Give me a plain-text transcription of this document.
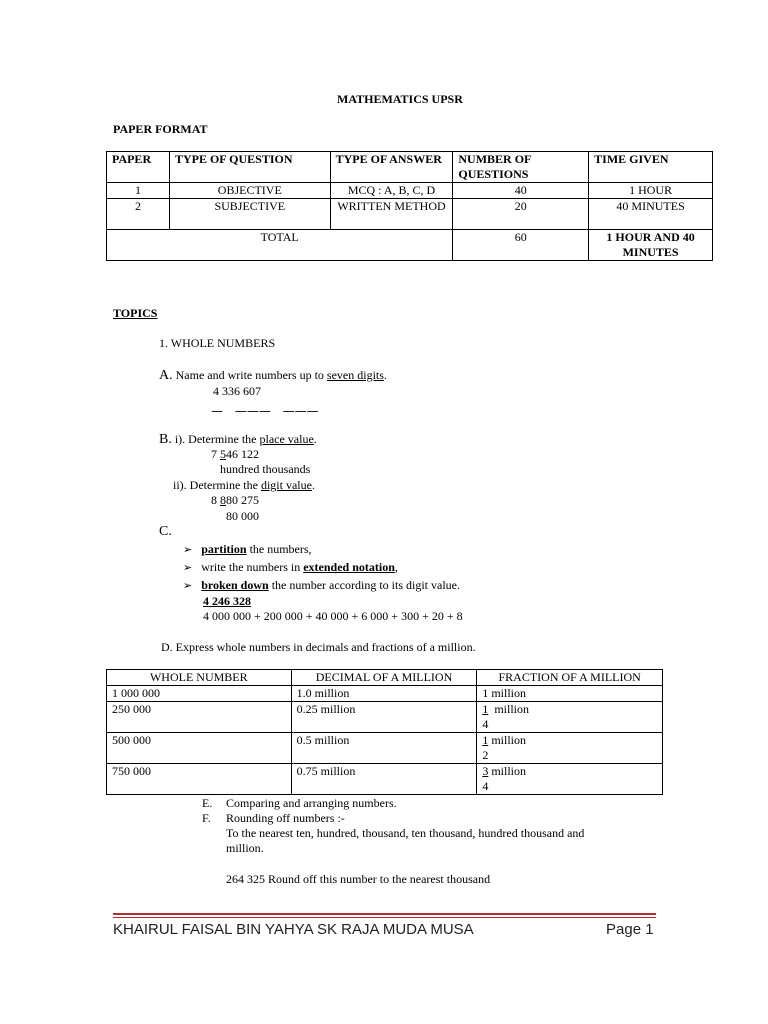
MATHEMATICS UPSR
PAPER FORMAT
PAPER	TYPE OF QUESTION	TYPE OF ANSWER	NUMBER OF QUESTIONS	TIME GIVEN
1	OBJECTIVE	MCQ : A, B, C, D	40	1 HOUR
2	SUBJECTIVE	WRITTEN METHOD	20	40 MINUTES
TOTAL			60	1 HOUR AND 40 MINUTES
TOPICS
1. WHOLE NUMBERS
A. Name and write numbers up to seven digits.
4 336 607
— ——— ———
B. i). Determine the place value.
7 546 122
hundred thousands
ii). Determine the digit value.
8 880 275
80 000
C.
➢ partition the numbers,
➢ write the numbers in extended notation,
➢ broken down the number according to its digit value.
4 246 328
4 000 000 + 200 000 + 40 000 + 6 000 + 300 + 20 + 8
D. Express whole numbers in decimals and fractions of a million.
WHOLE NUMBER	DECIMAL OF A MILLION	FRACTION OF A MILLION
1 000 000	1.0 million	1 million
250 000	0.25 million	1  million
4
500 000	0.5 million	1 million
2
750 000	0.75 million	3 million
4
E. Comparing and arranging numbers.
F. Rounding off numbers :-
To the nearest ten, hundred, thousand, ten thousand, hundred thousand and
million.
264 325 Round off this number to the nearest thousand
KHAIRUL FAISAL BIN YAHYA SK RAJA MUDA MUSA	Page 1
